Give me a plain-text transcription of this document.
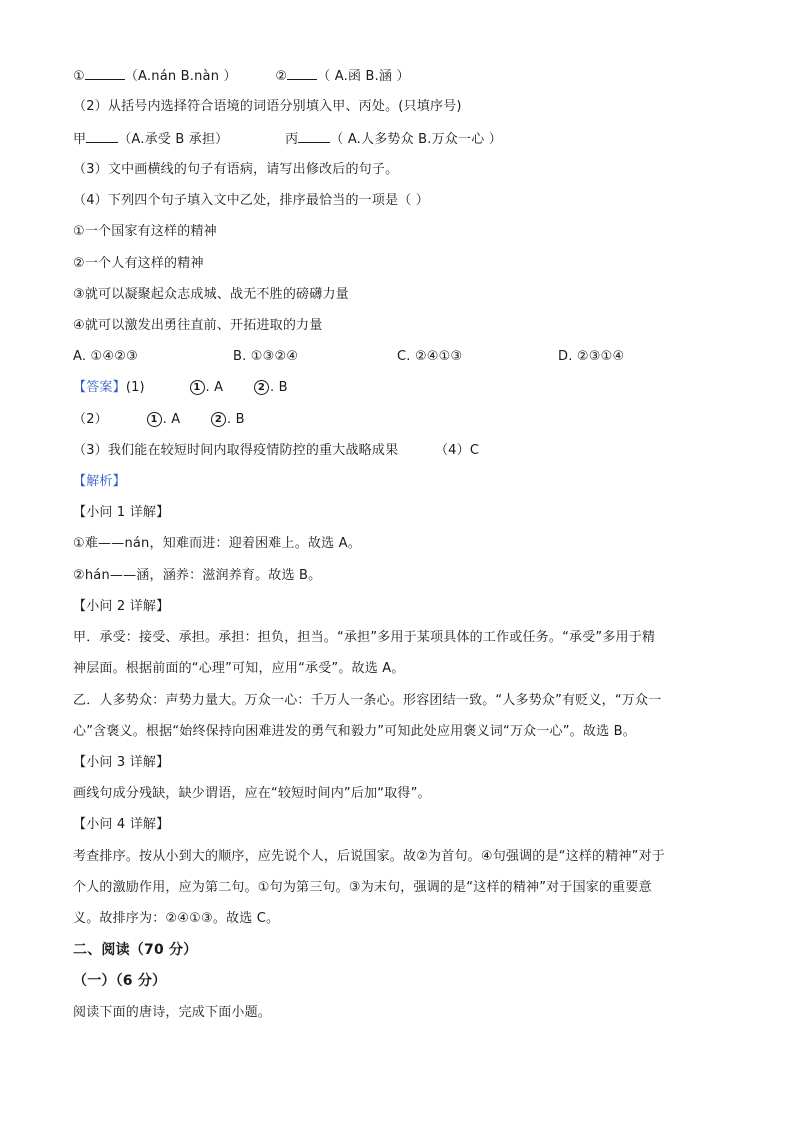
①	（A.nán B.nàn ）	② （ A.函 B.涵 ）
（2）从括号内选择符合语境的词语分别填入甲、丙处。(只填序号)
甲 （A.承受 B 承担）	丙 （ A.人多势众 B.万众一心 ）
（3）文中画横线的句子有语病，请写出修改后的句子。
（4）下列四个句子填入文中乙处，排序最恰当的一项是（ ）
①一个国家有这样的精神
②一个人有这样的精神
③就可以凝聚起众志成城、战无不胜的磅礴力量
④就可以激发出勇往直前、开拓进取的力量
A. ①④②③	B. ①③②④	C. ②④①③	D. ②③①④
【答案】(1)	1 . A	2 . B
（2）	1 . A	2 . B
（3）我们能在较短时间内取得疫情防控的重大战略成果	（4）C
【解析】
【小问 1 详解】
①难——nán，知难而进：迎着困难上。故选 A。
②hán——涵，涵养：滋润养育。故选 B。
【小问 2 详解】
甲．承受：接受、承担。承担：担负，担当。“承担”多用于某项具体的工作或任务。“承受”多用于精
神层面。根据前面的“心理”可知，应用“承受”。故选 A。
乙．人多势众：声势力量大。万众一心：千万人一条心。形容团结一致。“人多势众”有贬义，“万众一
心”含褒义。根据“始终保持向困难进发的勇气和毅力”可知此处应用褒义词“万众一心”。故选 B。
【小问 3 详解】
画线句成分残缺，缺少谓语，应在“较短时间内”后加“取得”。
【小问 4 详解】
考查排序。按从小到大的顺序，应先说个人，后说国家。故②为首句。④句强调的是“这样的精神”对于
个人的激励作用，应为第二句。①句为第三句。③为末句，强调的是“这样的精神”对于国家的重要意
义。故排序为：②④①③。故选 C。
二、阅读（70 分）
（一）（6 分）
阅读下面的唐诗，完成下面小题。
